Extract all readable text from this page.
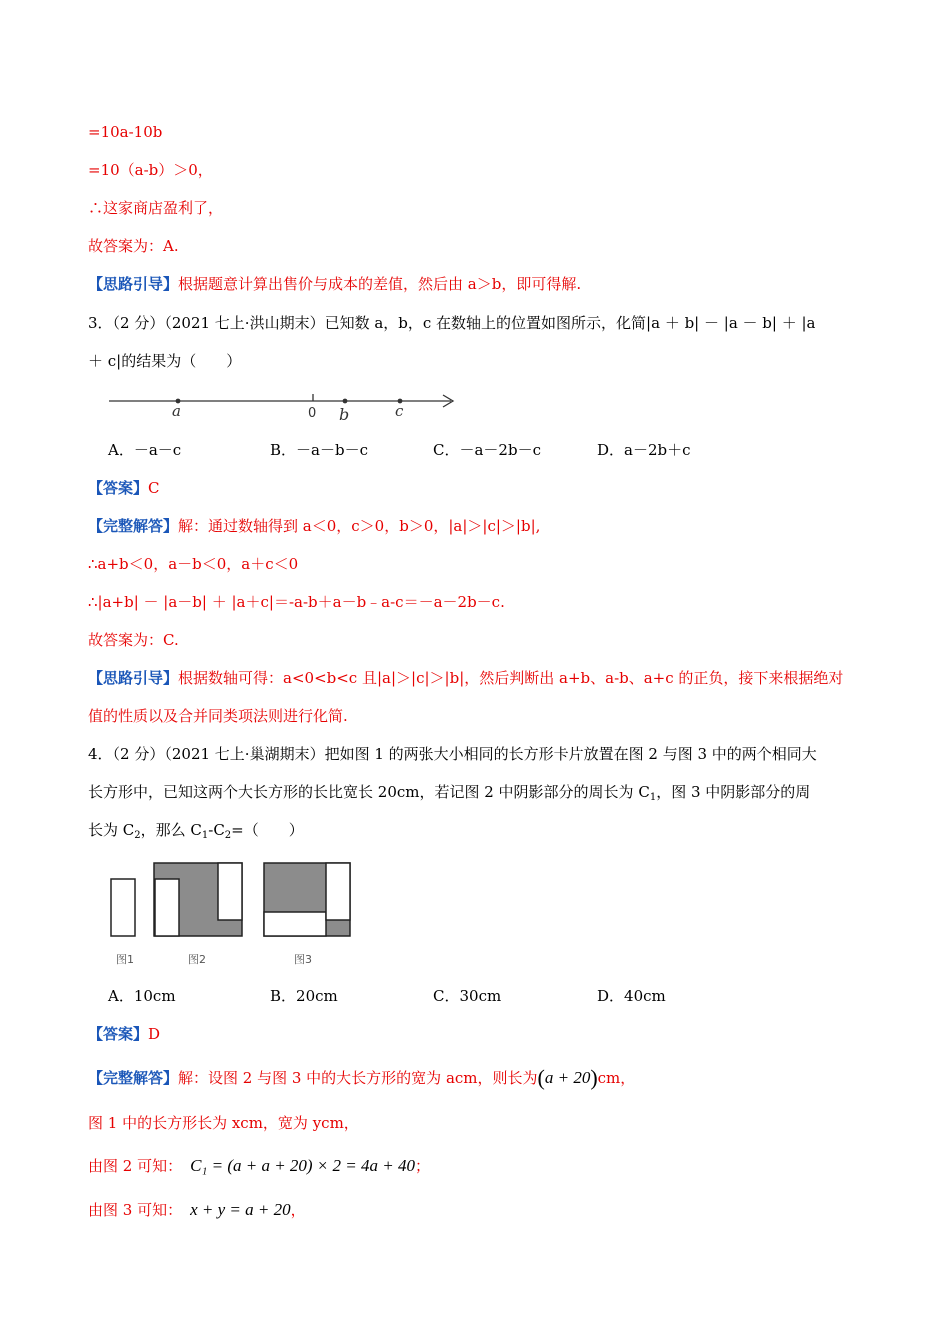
=10a-10b
=10（a-b）＞0，
∴这家商店盈利了，
故答案为：A.
【思路引导】根据题意计算出售价与成本的差值，然后由 a＞b，即可得解.
3．（2 分）（2021 七上·洪山期末）已知数 a，b，c 在数轴上的位置如图所示，化简|a ＋ b| － |a － b| ＋ |a
＋ c|的结果为（　　）
a	0 b	c
A．－a－c	B．－a－b－c	C．－a－2b－c	D．a－2b＋c
【答案】C
【完整解答】解：通过数轴得到 a＜0，c＞0，b＞0，|a|＞|c|＞|b|,
∴a+b＜0，a－b＜0，a＋c＜0
∴|a+b| － |a－b| ＋ |a＋c|＝-a-b＋a－b﹣a-c＝－a－2b－c.
故答案为：C.
【思路引导】根据数轴可得：a<0<b<c 且|a|＞|c|＞|b|，然后判断出 a+b、a-b、a+c 的正负，接下来根据绝对
值的性质以及合并同类项法则进行化简.
4．（2 分）（2021 七上·巢湖期末）把如图 1 的两张大小相同的长方形卡片放置在图 2 与图 3 中的两个相同大
长方形中，已知这两个大长方形的长比宽长 20cm，若记图 2 中阴影部分的周长为 $C_1$，图 3 中阴影部分的周
长为 $C_2$，那么 $C_1-C_2=$（　　）
图1	图2	图3
A．10cm	B．20cm	C．30cm	D．40cm
【答案】D
【完整解答】解：设图 2 与图 3 中的大长方形的宽为 acm，则长为(a + 20)cm，
图 1 中的长方形长为 xcm，宽为 ycm，
由图 2 可知： C₁ = (a + a + 20) × 2 = 4a + 40；
由图 3 可知： x + y = a + 20，
